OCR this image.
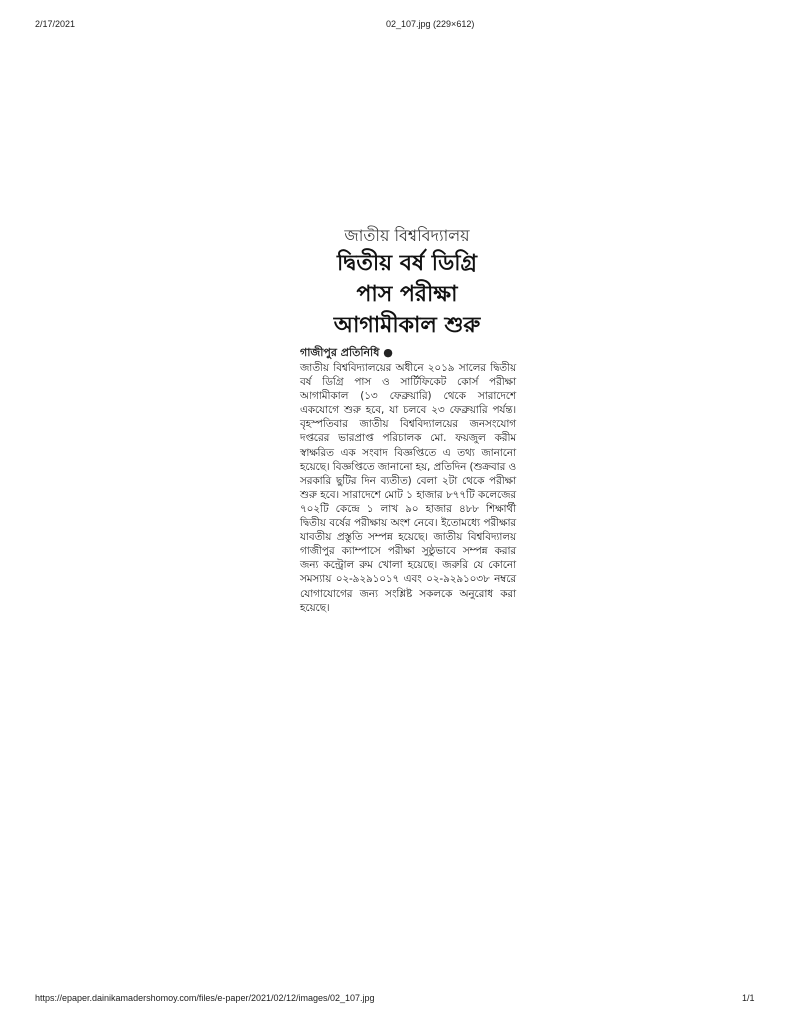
2/17/2021	02_107.jpg (229×612)
জাতীয় বিশ্ববিদ্যালয়
দ্বিতীয় বর্ষ ডিগ্রি
পাস পরীক্ষা
আগামীকাল শুরু
গাজীপুর প্রতিনিধি ●
জাতীয় বিশ্ববিদ্যালয়ের অধীনে ২০১৯ সালের দ্বিতীয় বর্ষ ডিগ্রি পাস ও সার্টিফিকেট কোর্স পরীক্ষা আগামীকাল (১৩ ফেব্রুয়ারি) থেকে সারাদেশে একযোগে শুরু হবে, যা চলবে ২৩ ফেব্রুয়ারি পর্যন্ত। বৃহস্পতিবার জাতীয় বিশ্ববিদ্যালয়ের জনসংযোগ দপ্তরের ভারপ্রাপ্ত পরিচালক মো. ফয়জুল করীম স্বাক্ষরিত এক সংবাদ বিজ্ঞপ্তিতে এ তথ্য জানানো হয়েছে। বিজ্ঞপ্তিতে জানানো হয়, প্রতিদিন (শুক্রবার ও সরকারি ছুটির দিন ব্যতীত) বেলা ২টা থেকে পরীক্ষা শুরু হবে। সারাদেশে মোট ১ হাজার ৮৭৭টি কলেজের ৭০২টি কেন্দ্রে ১ লাখ ৯০ হাজার ৪৮৮ শিক্ষার্থী দ্বিতীয় বর্ষের পরীক্ষায় অংশ নেবে। ইতোমধ্যে পরীক্ষার যাবতীয় প্রস্তুতি সম্পন্ন হয়েছে। জাতীয় বিশ্ববিদ্যালয় গাজীপুর ক্যাম্পাসে পরীক্ষা সুষ্ঠুভাবে সম্পন্ন করার জন্য কন্ট্রোল রুম খোলা হয়েছে। জরুরি যে কোনো সমস্যায় ০২-৯২৯১০১৭ এবং ০২-৯২৯১০৩৮ নম্বরে যোগাযোগের জন্য সংশ্লিষ্ট সকলকে অনুরোধ করা হয়েছে।
https://epaper.dainikamadershomoy.com/files/e-paper/2021/02/12/images/02_107.jpg	1/1
